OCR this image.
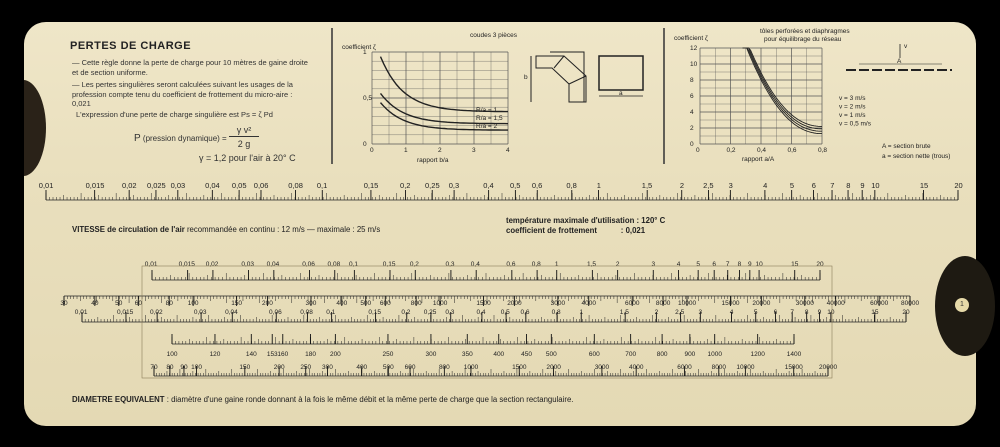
PERTES DE CHARGE
— Cette règle donne la perte de charge pour 10 mètres de gaine droite et de section uniforme.
— Les pertes singulières seront calculées suivant les usages de la profession compte tenu du coefficient de frottement du micro-aire : 0,021
L'expression d'une perte de charge singulière est Ps = ζ Pd
P (pression dynamique) =
γ v²
2 g
γ = 1,2 pour l'air à 20° C
coudes 3 pièces
coefficient ζ
rapport b/a
1
0,5
0
0	1	2	3	4
R/a = 1
R/a = 1,5
R/a = 2
b
a
tôles perforées et diaphragmes
pour équilibrage du réseau
coefficient ζ
rapport a/A
12
10
8
6
4
2
0
0	0,2	0,4	0,6	0,8
v = 3 m/s
v = 2 m/s
v = 1 m/s
v = 0,5 m/s
v
A
A = section brute
a = section nette (trous)
0,01	0,015 0,02 0,025 0,03	0,04 0,05 0,06	0,08 0,1	0,15	0,2 0,25 0,3	0,4 0,5 0,6	0,8	1	1,5	2	2,5 3	4	5 6 7 8 9 10	15	20
0,01	0,015 0,02	0,03 0,04	0,06 0,08 0,1	0,15 0,2	0,3 0,4	0,6 0,8 1	1,5	2	3	4 5 6 7 8 9 10	15	20
30	40	50 60	80 100	150	200	300	400 500 600	800 1000	1500	2000	3000	4000	6000	8000 10000	15000 20000	30000 40000	60000 80000
0,01	0,015	0,02	0,03	0,04	0,06	0,08 0,1	0,15	0,2 0,25 0,3	0,4 0,5 0,6	0,8	1	1,5	2	2,5 3	4	5 6 7 8 9 10	15	20
100	120	140 153 160	180 200	250	300	350	400	450 500	600	700	800	900 1000	1200	1400
70 80 90 100	150	200 250 300	400 500 600	800 1000	1500	2000	3000	4000	6000	8000 10000	15000 20000
VITESSE de circulation de l'air recommandée en continu : 12 m/s — maximale : 25 m/s
température maximale d'utilisation : 120° C
coefficient de frottement           : 0,021
DIAMETRE EQUIVALENT : diamètre d'une gaine ronde donnant à la fois le même débit et la même perte de charge que la section rectangulaire.
1
